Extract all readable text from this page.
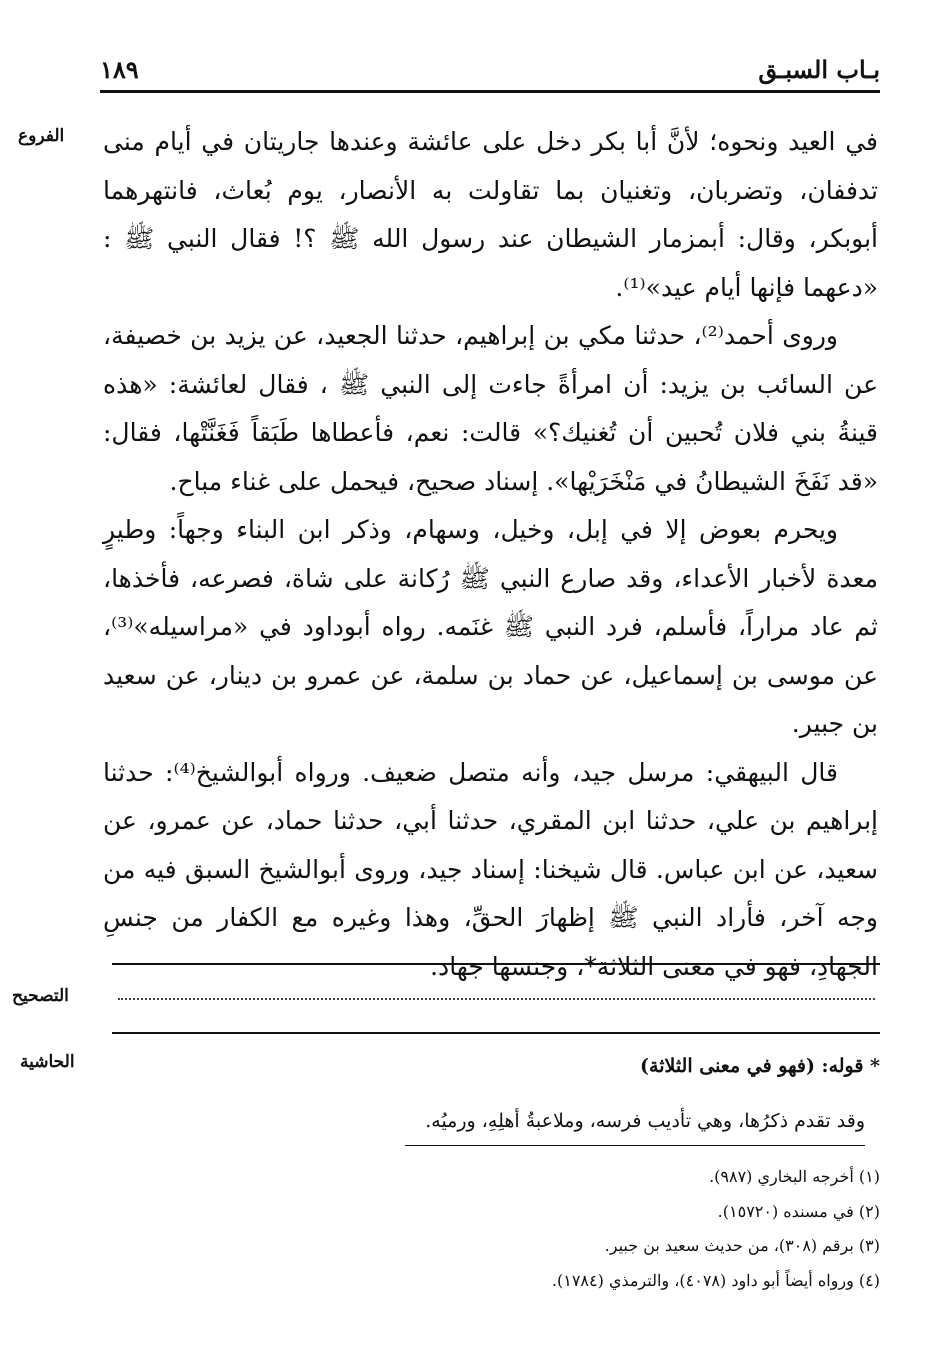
بـاب السبـق
١٨٩
الفروع	في العيد ونحوه؛ لأنَّ أبا بكر دخل على عائشة وعندها جاريتان في أيام منى تدففان، وتضربان، وتغنيان بما تقاولت به الأنصار، يوم بُعاث، فانتهرهما أبوبكر، وقال: أبمزمار الشيطان عند رسول الله ﷺ ؟! فقال النبي ﷺ : «دعهما فإنها أيام عيد»⁽¹⁾.

وروى أحمد⁽²⁾، حدثنا مكي بن إبراهيم، حدثنا الجعيد، عن يزيد بن خصيفة، عن السائب بن يزيد: أن امرأةً جاءت إلى النبي ﷺ ، فقال لعائشة: «هذه قينةُ بني فلان تُحبين أن تُغنيك؟» قالت: نعم، فأعطاها طَبَقاً فَغَنَّتْها، فقال: «قد نَفَخَ الشيطانُ في مَنْخَرَيْها». إسناد صحيح، فيحمل على غناء مباح.

ويحرم بعوض إلا في إبل، وخيل، وسهام، وذكر ابن البناء وجهاً: وطيرٍ معدة لأخبار الأعداء، وقد صارع النبي ﷺ رُكانة على شاة، فصرعه، فأخذها، ثم عاد مراراً، فأسلم، فرد النبي ﷺ غنَمه. رواه أبوداود في «مراسيله»⁽³⁾، عن موسى بن إسماعيل، عن حماد بن سلمة، عن عمرو بن دينار، عن سعيد بن جبير.

قال البيهقي: مرسل جيد، وأنه متصل ضعيف. ورواه أبوالشيخ⁽⁴⁾: حدثنا إبراهيم بن علي، حدثنا ابن المقري، حدثنا أبي، حدثنا حماد، عن عمرو، عن سعيد، عن ابن عباس. قال شيخنا: إسناد جيد، وروى أبوالشيخ السبق فيه من وجه آخر، فأراد النبي ﷺ إظهارَ الحقِّ، وهذا وغيره مع الكفار من جنسِ الجهادِ، فهو في معنى الثلاثة*، وجنسها جهاد.

التصحيح
الحاشية	* قوله: (فهو في معنى الثلاثة)
وقد تقدم ذكرُها، وهي تأديب فرسه، وملاعبةُ أهلِهِ، ورميُه.
(١) أخرجه البخاري (٩٨٧).
(٢) في مسنده (١٥٧٢٠).
(٣) برقم (٣٠٨)، من حديث سعيد بن جبير.
(٤) ورواه أيضاً أبو داود (٤٠٧٨)، والترمذي (١٧٨٤).
